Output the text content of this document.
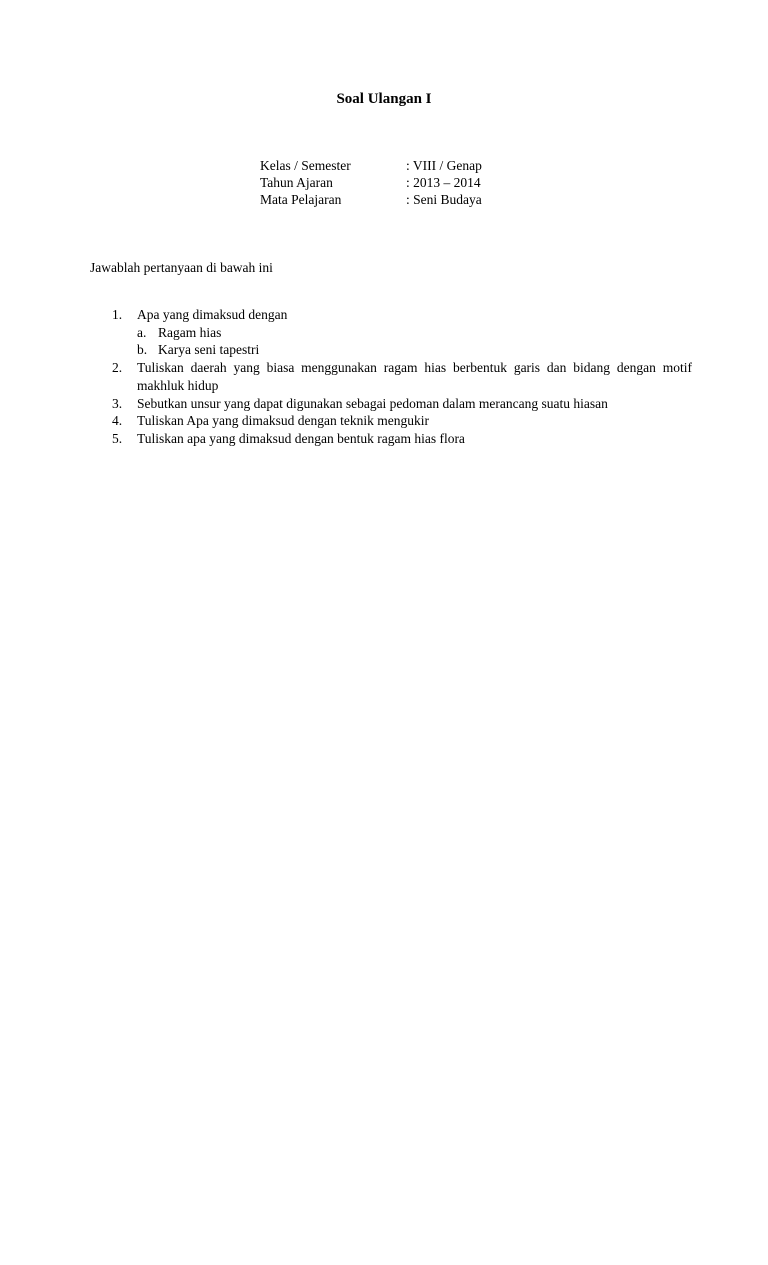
Soal Ulangan I
Kelas / Semester	: VIII / Genap
Tahun Ajaran	: 2013 – 2014
Mata Pelajaran	: Seni Budaya
Jawablah pertanyaan di bawah ini
1.	Apa yang dimaksud dengan
a. Ragam hias
b. Karya seni tapestri
2.	Tuliskan daerah yang biasa menggunakan ragam hias berbentuk garis dan bidang dengan motif makhluk hidup
3.	Sebutkan unsur yang dapat digunakan sebagai pedoman dalam merancang suatu hiasan
4.	Tuliskan Apa yang dimaksud dengan teknik mengukir
5.	Tuliskan apa yang dimaksud dengan bentuk ragam hias flora
